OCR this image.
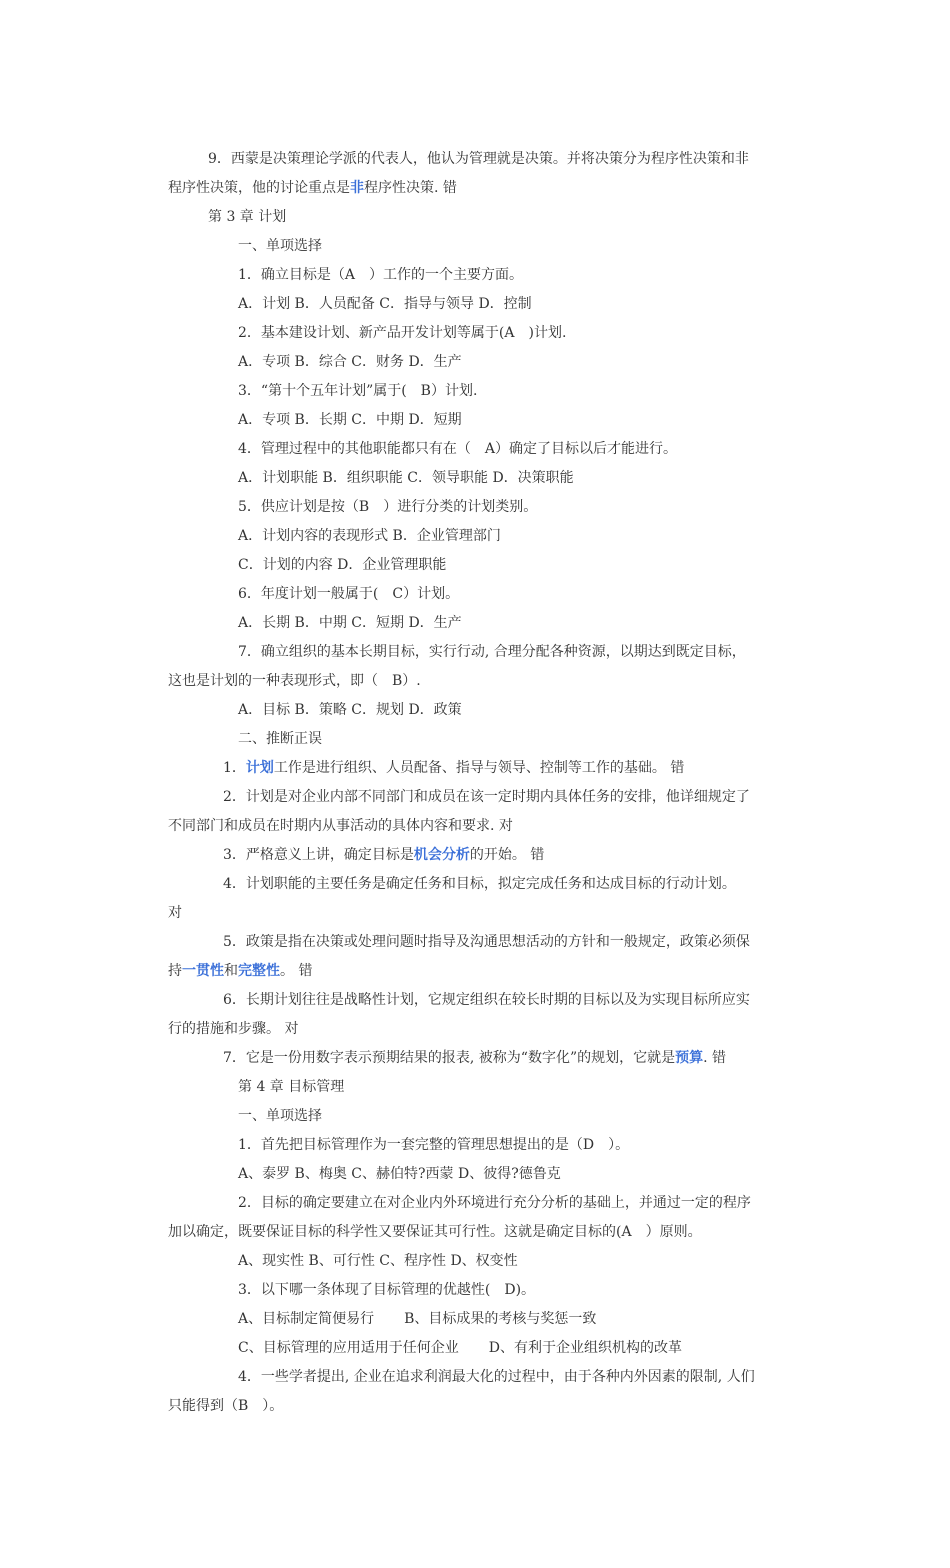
9．西蒙是决策理论学派的代表人，他认为管理就是决策。并将决策分为程序性决策和非
程序性决策，他的讨论重点是非程序性决策. 错
第 3 章 计划
一、单项选择
1．确立目标是（A　）工作的一个主要方面。
A．计划 B．人员配备 C．指导与领导 D．控制
2．基本建设计划、新产品开发计划等属于(A　)计划.
A．专项 B．综合 C．财务 D．生产
3．“第十个五年计划”属于(　B）计划.
A．专项 B．长期 C．中期 D．短期
4．管理过程中的其他职能都只有在（　A）确定了目标以后才能进行。
A．计划职能 B．组织职能 C．领导职能 D．决策职能
5．供应计划是按（B　）进行分类的计划类别。
A．计划内容的表现形式 B．企业管理部门
C．计划的内容 D．企业管理职能
6．年度计划一般属于(　C）计划。
A．长期 B．中期 C．短期 D．生产
7．确立组织的基本长期目标，实行行动, 合理分配各种资源，以期达到既定目标，
这也是计划的一种表现形式，即（　B）.
A．目标 B．策略 C．规划 D．政策
二、推断正误
1．计划工作是进行组织、人员配备、指导与领导、控制等工作的基础。 错
2．计划是对企业内部不同部门和成员在该一定时期内具体任务的安排，他详细规定了
不同部门和成员在时期内从事活动的具体内容和要求. 对
3．严格意义上讲，确定目标是机会分析的开始。 错
4．计划职能的主要任务是确定任务和目标，拟定完成任务和达成目标的行动计划。
对
5．政策是指在决策或处理问题时指导及沟通思想活动的方针和一般规定，政策必须保
持一贯性和完整性。 错
6．长期计划往往是战略性计划，它规定组织在较长时期的目标以及为实现目标所应实
行的措施和步骤。 对
7．它是一份用数字表示预期结果的报表, 被称为“数字化”的规划，它就是预算. 错
第 4 章 目标管理
一、单项选择
1．首先把目标管理作为一套完整的管理思想提出的是（D　）。
A、泰罗 B、梅奥 C、赫伯特?西蒙 D、彼得?德鲁克
2．目标的确定要建立在对企业内外环境进行充分分析的基础上，并通过一定的程序
加以确定，既要保证目标的科学性又要保证其可行性。这就是确定目标的(A　）原则。
A、现实性 B、可行性 C、程序性 D、权变性
3．以下哪一条体现了目标管理的优越性(　D)。
A、目标制定简便易行 B、目标成果的考核与奖惩一致
C、目标管理的应用适用于任何企业 D、有利于企业组织机构的改革
4．一些学者提出, 企业在追求利润最大化的过程中，由于各种内外因素的限制, 人们
只能得到（B　）。
